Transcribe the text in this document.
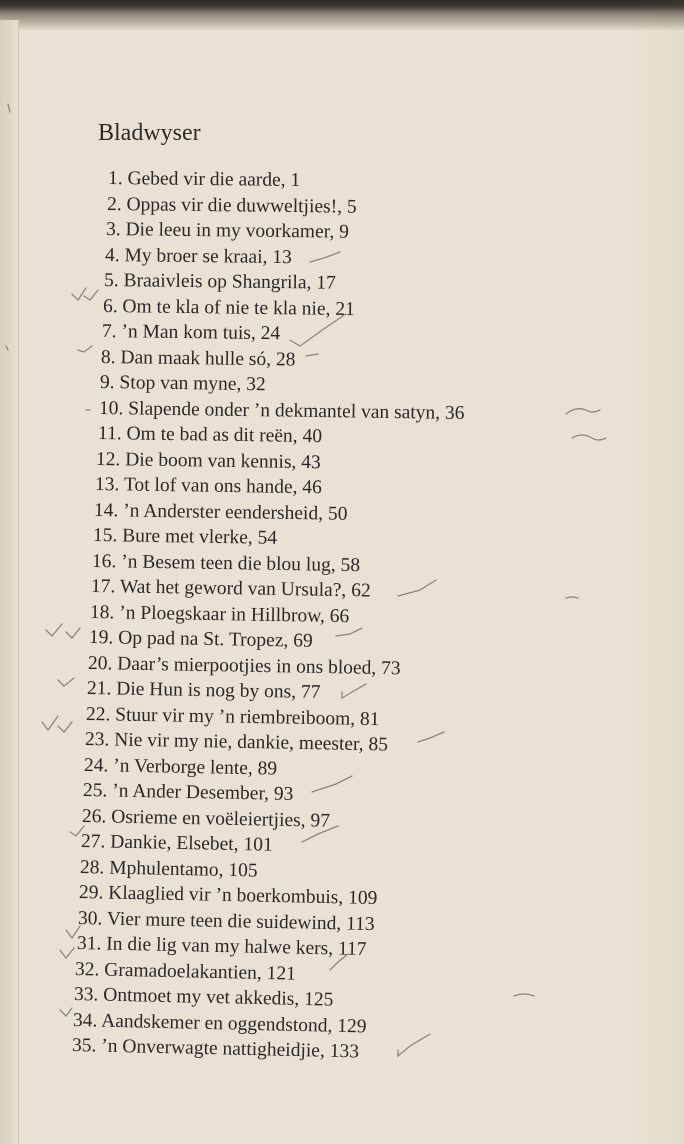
Bladwyser
1. Gebed vir die aarde, 1
2. Oppas vir die duwweltjies!, 5
3. Die leeu in my voorkamer, 9
4. My broer se kraai, 13
5. Braaivleis op Shangrila, 17
6. Om te kla of nie te kla nie, 21
7. ’n Man kom tuis, 24
8. Dan maak hulle só, 28
9. Stop van myne, 32
10. Slapende onder ’n dekmantel van satyn, 36
11. Om te bad as dit reën, 40
12. Die boom van kennis, 43
13. Tot lof van ons hande, 46
14. ’n Anderster eendersheid, 50
15. Bure met vlerke, 54
16. ’n Besem teen die blou lug, 58
17. Wat het geword van Ursula?, 62
18. ’n Ploegskaar in Hillbrow, 66
19. Op pad na St. Tropez, 69
20. Daar’s mierpootjies in ons bloed, 73
21. Die Hun is nog by ons, 77
22. Stuur vir my ’n riembreiboom, 81
23. Nie vir my nie, dankie, meester, 85
24. ’n Verborge lente, 89
25. ’n Ander Desember, 93
26. Osrieme en voëleiertjies, 97
27. Dankie, Elsebet, 101
28. Mphulentamo, 105
29. Klaaglied vir ’n boerkombuis, 109
30. Vier mure teen die suidewind, 113
31. In die lig van my halwe kers, 117
32. Gramadoelakantien, 121
33. Ontmoet my vet akkedis, 125
34. Aandskemer en oggendstond, 129
35. ’n Onverwagte nattigheidjie, 133
